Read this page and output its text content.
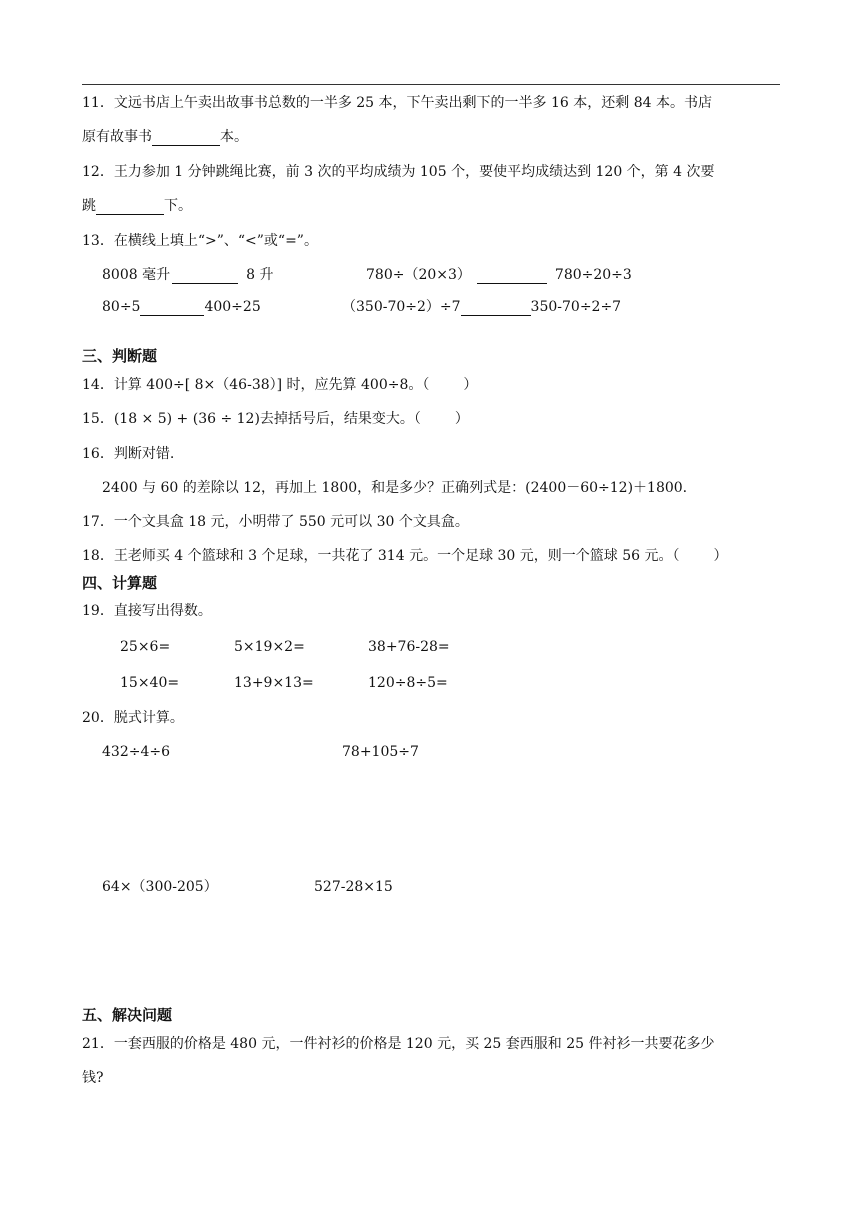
11．文远书店上午卖出故事书总数的一半多 25 本，下午卖出剩下的一半多 16 本，还剩 84 本。书店
原有故事书	本。
12．王力参加 1 分钟跳绳比赛，前 3 次的平均成绩为 105 个，要使平均成绩达到 120 个，第 4 次要
跳	下。
13．在横线上填上“>”、“<”或“=”。
8008 毫升	8 升	780÷（20×3）	780÷20÷3
80÷5	400÷25	（350-70÷2）÷7	350-70÷2÷7
三、判断题
14．计算 400÷[ 8×（46-38）] 时，应先算 400÷8。（ ）
15．(18 × 5) + (36 ÷ 12)去掉括号后，结果变大。（ ）
16．判断对错.
2400 与 60 的差除以 12，再加上 1800，和是多少？正确列式是：(2400－60÷12)＋1800.
17．一个文具盒 18 元，小明带了 550 元可以 30 个文具盒。
18．王老师买 4 个篮球和 3 个足球，一共花了 314 元。一个足球 30 元，则一个篮球 56 元。（ ）
四、计算题
19．直接写出得数。
25×6=	5×19×2=	38+76-28=
15×40=	13+9×13=	120÷8÷5=
20．脱式计算。
432÷4÷6	78+105÷7
64×（300-205）	527-28×15
五、解决问题
21．一套西服的价格是 480 元，一件衬衫的价格是 120 元，买 25 套西服和 25 件衬衫一共要花多少
钱?
